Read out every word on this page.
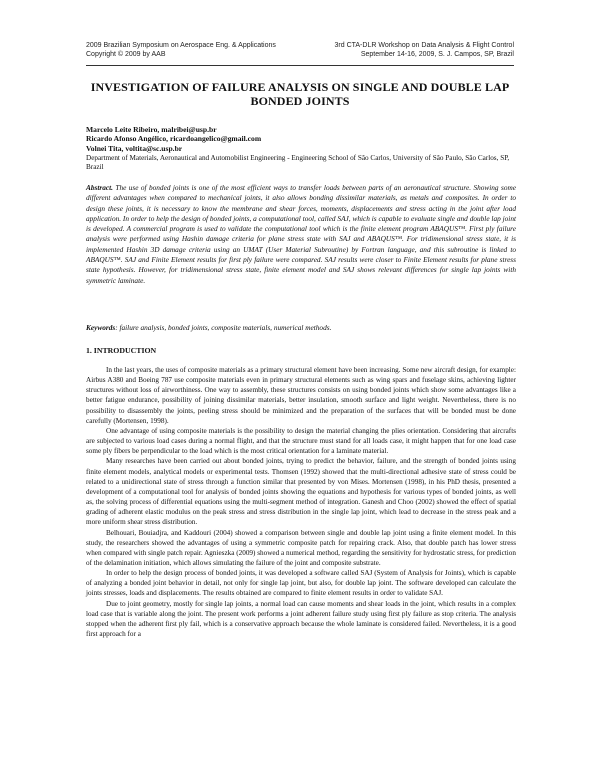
2009 Brazilian Symposium on Aerospace Eng. & Applications
Copyright © 2009 by AAB
3rd CTA-DLR Workshop on Data Analysis & Flight Control
September 14-16, 2009, S. J. Campos, SP, Brazil
INVESTIGATION OF FAILURE ANALYSIS ON SINGLE AND DOUBLE LAP BONDED JOINTS
Marcelo Leite Ribeiro, malribei@usp.br
Ricardo Afonso Angélico, ricardoangelico@gmail.com
Volnei Tita, voltita@sc.usp.br
Department of Materials, Aeronautical and Automobilist Engineering - Engineering School of São Carlos, University of São Paulo, São Carlos, SP, Brazil
Abstract. The use of bonded joints is one of the most efficient ways to transfer loads between parts of an aeronautical structure. Showing some different advantages when compared to mechanical joints, it also allows bonding dissimilar materials, as metals and composites. In order to design these joints, it is necessary to know the membrane and shear forces, moments, displacements and stress acting in the joint after load application. In order to help the design of bonded joints, a computational tool, called SAJ, which is capable to evaluate single and double lap joint is developed. A commercial program is used to validate the computational tool which is the finite element program ABAQUS™. First ply failure analysis were performed using Hashin damage criteria for plane stress state with SAJ and ABAQUS™. For tridimensional stress state, it is implemented Hashin 3D damage criteria using an UMAT (User Material Subroutine) by Fortran language, and this subroutine is linked to ABAQUS™. SAJ and Finite Element results for first ply failure were compared. SAJ results were closer to Finite Element results for plane stress state hypothesis. However, for tridimensional stress state, finite element model and SAJ shows relevant differences for single lap joints with symmetric laminate.
Keywords: failure analysis, bonded joints, composite materials, numerical methods.
1. INTRODUCTION

In the last years, the uses of composite materials as a primary structural element have been increasing. Some new aircraft design, for example: Airbus A380 and Boeing 787 use composite materials even in primary structural elements such as wing spars and fuselage skins, achieving lighter structures without loss of airworthiness. One way to assembly, these structures consists on using bonded joints which show some advantages like a better fatigue endurance, possibility of joining dissimilar materials, better insulation, smooth surface and light weight. Nevertheless, there is no possibility to disassembly the joints, peeling stress should be minimized and the preparation of the surfaces that will be bonded must be done carefully (Mortensen, 1998).

One advantage of using composite materials is the possibility to design the material changing the plies orientation. Considering that aircrafts are subjected to various load cases during a normal flight, and that the structure must stand for all loads case, it might happen that for one load case some ply fibers be perpendicular to the load which is the most critical orientation for a laminate material.

Many researches have been carried out about bonded joints, trying to predict the behavior, failure, and the strength of bonded joints using finite element models, analytical models or experimental tests. Thomsen (1992) showed that the multi-directional adhesive state of stress could be related to a unidirectional state of stress through a function similar that presented by von Mises. Mortensen (1998), in his PhD thesis, presented a development of a computational tool for analysis of bonded joints showing the equations and hypothesis for various types of bonded joints, as well as, the solving process of differential equations using the multi-segment method of integration. Ganesh and Choo (2002) showed the effect of spatial grading of adherent elastic modulus on the peak stress and stress distribution in the single lap joint, which lead to decrease in the stress peak and a more uniform shear stress distribution.

Belhouari, Bouiadjra, and Kaddouri (2004) showed a comparison between single and double lap joint using a finite element model. In this study, the researchers showed the advantages of using a symmetric composite patch for repairing crack. Also, that double patch has lower stress when compared with single patch repair. Agnieszka (2009) showed a numerical method, regarding the sensitivity for hydrostatic stress, for prediction of the delamination initiation, which allows simulating the failure of the joint and composite substrate.

In order to help the design process of bonded joints, it was developed a software called SAJ (System of Analysis for Joints), which is capable of analyzing a bonded joint behavior in detail, not only for single lap joint, but also, for double lap joint. The software developed can calculate the joints stresses, loads and displacements. The results obtained are compared to finite element results in order to validate SAJ.

Due to joint geometry, mostly for single lap joints, a normal load can cause moments and shear loads in the joint, which results in a complex load case that is variable along the joint. The present work performs a joint adherent failure study using first ply failure as stop criteria. The analysis stopped when the adherent first ply fail, which is a conservative approach because the whole laminate is considered failed. Nevertheless, it is a good first approach for a
